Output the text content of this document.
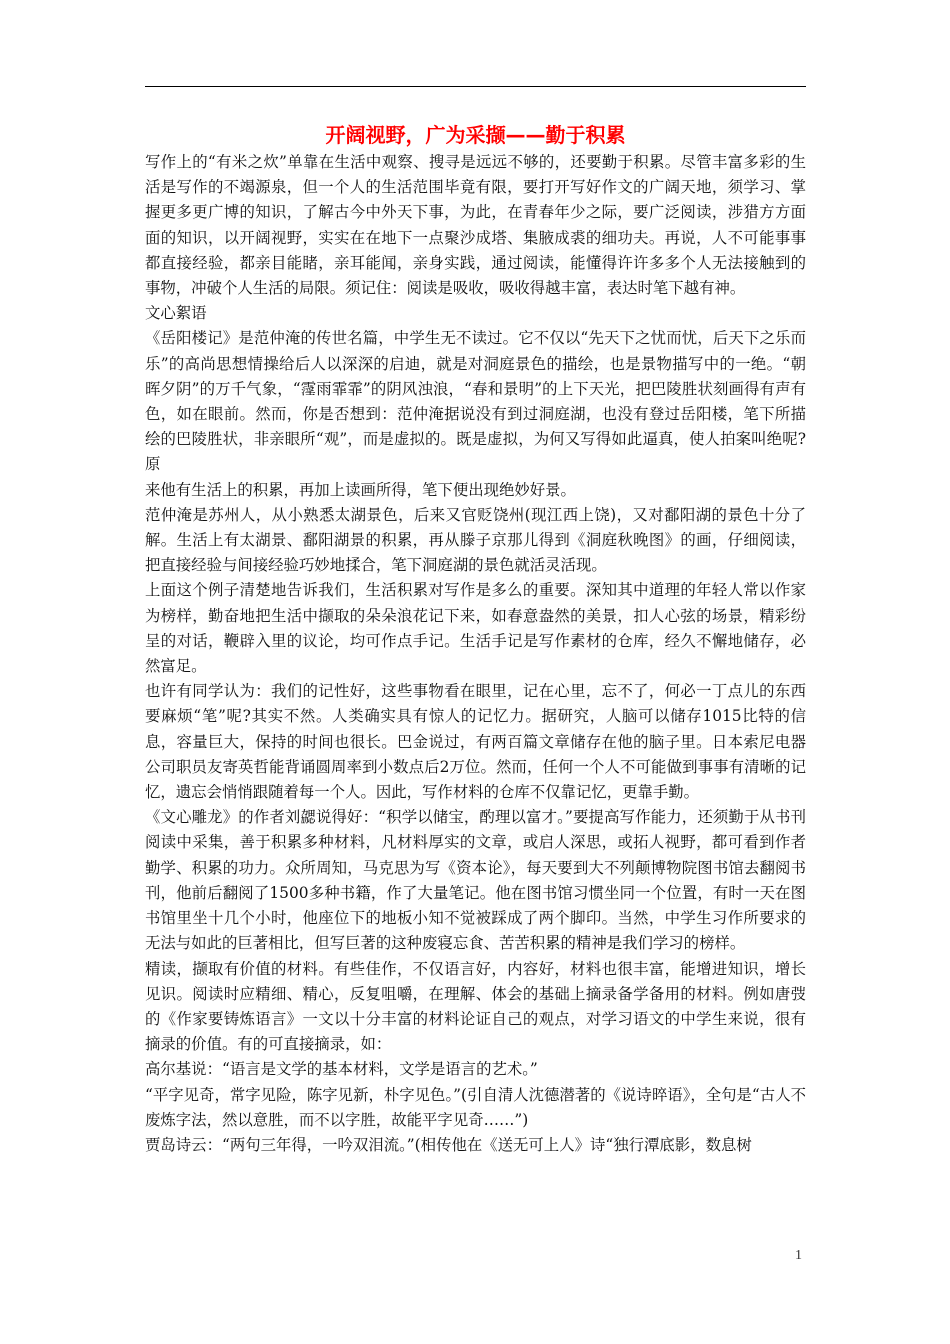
开阔视野，广为采撷——勤于积累

写作上的“有米之炊”单靠在生活中观察、搜寻是远远不够的，还要勤于积累。尽管丰富多彩的生活是写作的不竭源泉，但一个人的生活范围毕竟有限，要打开写好作文的广阔天地，须学习、掌握更多更广博的知识，了解古今中外天下事，为此，在青春年少之际，要广泛阅读，涉猎方方面面的知识，以开阔视野，实实在在地下一点聚沙成塔、集腋成裘的细功夫。再说，人不可能事事都直接经验，都亲目能睹，亲耳能闻，亲身实践，通过阅读，能懂得许许多多个人无法接触到的事物，冲破个人生活的局限。须记住：阅读是吸收，吸收得越丰富，表达时笔下越有神。

文心絮语

《岳阳楼记》是范仲淹的传世名篇，中学生无不读过。它不仅以“先天下之忧而忧，后天下之乐而乐”的高尚思想情操给后人以深深的启迪，就是对洞庭景色的描绘，也是景物描写中的一绝。“朝晖夕阴”的万千气象，“霪雨霏霏”的阴风浊浪，“春和景明”的上下天光，把巴陵胜状刻画得有声有色，如在眼前。然而，你是否想到：范仲淹据说没有到过洞庭湖，也没有登过岳阳楼，笔下所描绘的巴陵胜状，非亲眼所“观”，而是虚拟的。既是虚拟，为何又写得如此逼真，使人拍案叫绝呢?原

来他有生活上的积累，再加上读画所得，笔下便出现绝妙好景。

范仲淹是苏州人，从小熟悉太湖景色，后来又官贬饶州(现江西上饶)，又对鄱阳湖的景色十分了解。生活上有太湖景、鄱阳湖景的积累，再从滕子京那儿得到《洞庭秋晚图》的画，仔细阅读，把直接经验与间接经验巧妙地揉合，笔下洞庭湖的景色就活灵活现。

上面这个例子清楚地告诉我们，生活积累对写作是多么的重要。深知其中道理的年轻人常以作家为榜样，勤奋地把生活中撷取的朵朵浪花记下来，如春意盎然的美景，扣人心弦的场景，精彩纷呈的对话，鞭辟入里的议论，均可作点手记。生活手记是写作素材的仓库，经久不懈地储存，必然富足。

也许有同学认为：我们的记性好，这些事物看在眼里，记在心里，忘不了，何必一丁点儿的东西要麻烦“笔”呢?其实不然。人类确实具有惊人的记忆力。据研究，人脑可以储存1015比特的信息，容量巨大，保持的时间也很长。巴金说过，有两百篇文章储存在他的脑子里。日本索尼电器公司职员友寄英哲能背诵圆周率到小数点后2万位。然而，任何一个人不可能做到事事有清晰的记忆，遗忘会悄悄跟随着每一个人。因此，写作材料的仓库不仅靠记忆，更靠手勤。

《文心雕龙》的作者刘勰说得好：“积学以储宝，酌理以富才。”要提高写作能力，还须勤于从书刊阅读中采集，善于积累多种材料，凡材料厚实的文章，或启人深思，或拓人视野，都可看到作者勤学、积累的功力。众所周知，马克思为写《资本论》，每天要到大不列颠博物院图书馆去翻阅书刊，他前后翻阅了1500多种书籍，作了大量笔记。他在图书馆习惯坐同一个位置，有时一天在图书馆里坐十几个小时，他座位下的地板小知不觉被踩成了两个脚印。当然，中学生习作所要求的无法与如此的巨著相比，但写巨著的这种废寝忘食、苦苦积累的精神是我们学习的榜样。

精读，撷取有价值的材料。有些佳作，不仅语言好，内容好，材料也很丰富，能增进知识，增长见识。阅读时应精细、精心，反复咀嚼，在理解、体会的基础上摘录备学备用的材料。例如唐弢的《作家要铸炼语言》一文以十分丰富的材料论证自己的观点，对学习语文的中学生来说，很有摘录的价值。有的可直接摘录，如：

高尔基说：“语言是文学的基本材料，文学是语言的艺术。”

“平字见奇，常字见险，陈字见新，朴字见色。”(引自清人沈德潜著的《说诗晬语》，全句是“古人不废炼字法，然以意胜，而不以字胜，故能平字见奇……”)

贾岛诗云：“两句三年得，一吟双泪流。”(相传他在《送无可上人》诗“独行潭底影，数息树

1
